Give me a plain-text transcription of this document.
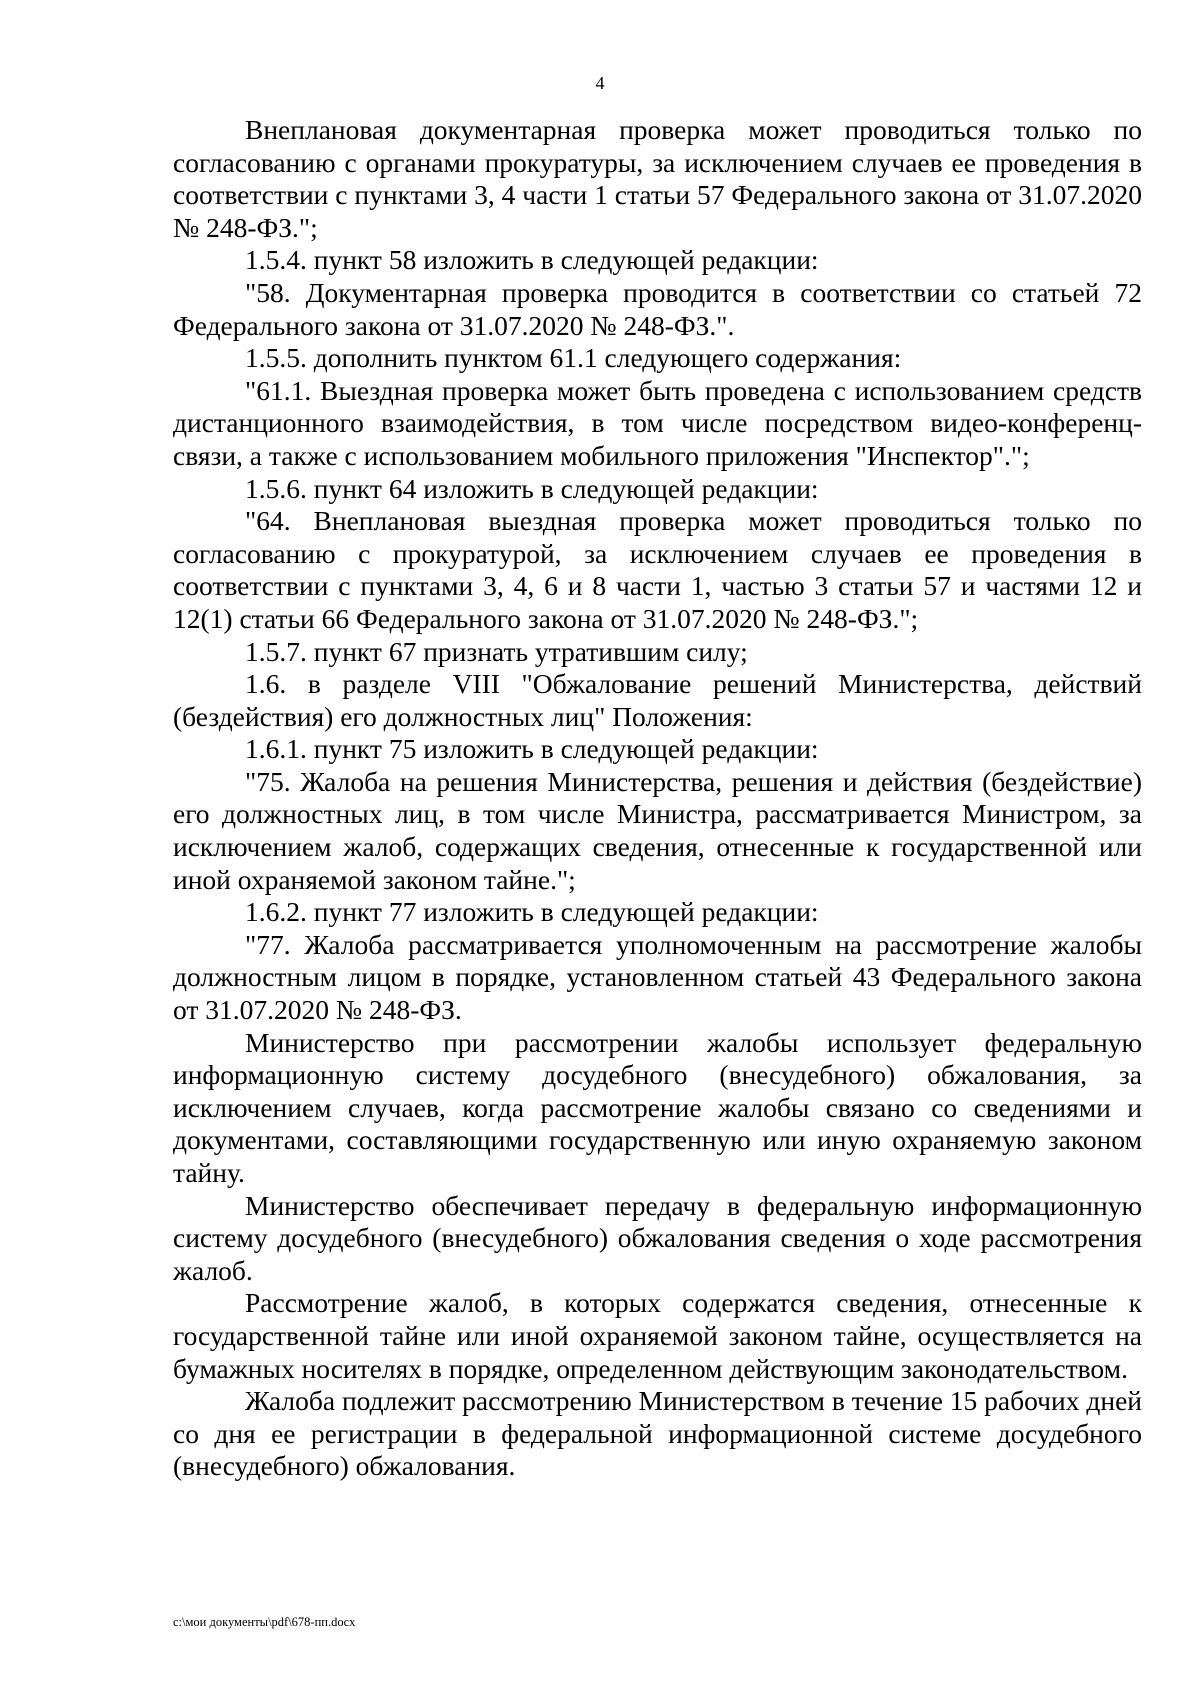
4

Внеплановая документарная проверка может проводиться только по согласованию с органами прокуратуры, за исключением случаев ее проведения в соответствии с пунктами 3, 4 части 1 статьи 57 Федерального закона от 31.07.2020 № 248-ФЗ.";

1.5.4. пункт 58 изложить в следующей редакции:

"58. Документарная проверка проводится в соответствии со статьей 72 Федерального закона от 31.07.2020 № 248-ФЗ.".

1.5.5. дополнить пунктом 61.1 следующего содержания:

"61.1. Выездная проверка может быть проведена с использованием средств дистанционного взаимодействия, в том числе посредством видео-конференц-связи, а также с использованием мобильного приложения "Инспектор".";

1.5.6. пункт 64 изложить в следующей редакции:

"64. Внеплановая выездная проверка может проводиться только по согласованию с прокуратурой, за исключением случаев ее проведения в соответствии с пунктами 3, 4, 6 и 8 части 1, частью 3 статьи 57 и частями 12 и 12(1) статьи 66 Федерального закона от 31.07.2020 № 248-ФЗ.";

1.5.7. пункт 67 признать утратившим силу;

1.6. в разделе VIII "Обжалование решений Министерства, действий (бездействия) его должностных лиц" Положения:

1.6.1. пункт 75 изложить в следующей редакции:

"75. Жалоба на решения Министерства, решения и действия (бездействие) его должностных лиц, в том числе Министра, рассматривается Министром, за исключением жалоб, содержащих сведения, отнесенные к государственной или иной охраняемой законом тайне.";

1.6.2. пункт 77 изложить в следующей редакции:

"77. Жалоба рассматривается уполномоченным на рассмотрение жалобы должностным лицом в порядке, установленном статьей 43 Федерального закона от 31.07.2020 № 248-ФЗ.

Министерство при рассмотрении жалобы использует федеральную информационную систему досудебного (внесудебного) обжалования, за исключением случаев, когда рассмотрение жалобы связано со сведениями и документами, составляющими государственную или иную охраняемую законом тайну.

Министерство обеспечивает передачу в федеральную информационную систему досудебного (внесудебного) обжалования сведения о ходе рассмотрения жалоб.

Рассмотрение жалоб, в которых содержатся сведения, отнесенные к государственной тайне или иной охраняемой законом тайне, осуществляется на бумажных носителях в порядке, определенном действующим законодательством.

Жалоба подлежит рассмотрению Министерством в течение 15 рабочих дней со дня ее регистрации в федеральной информационной системе досудебного (внесудебного) обжалования.

c:\мои документы\pdf\678-пп.docx
